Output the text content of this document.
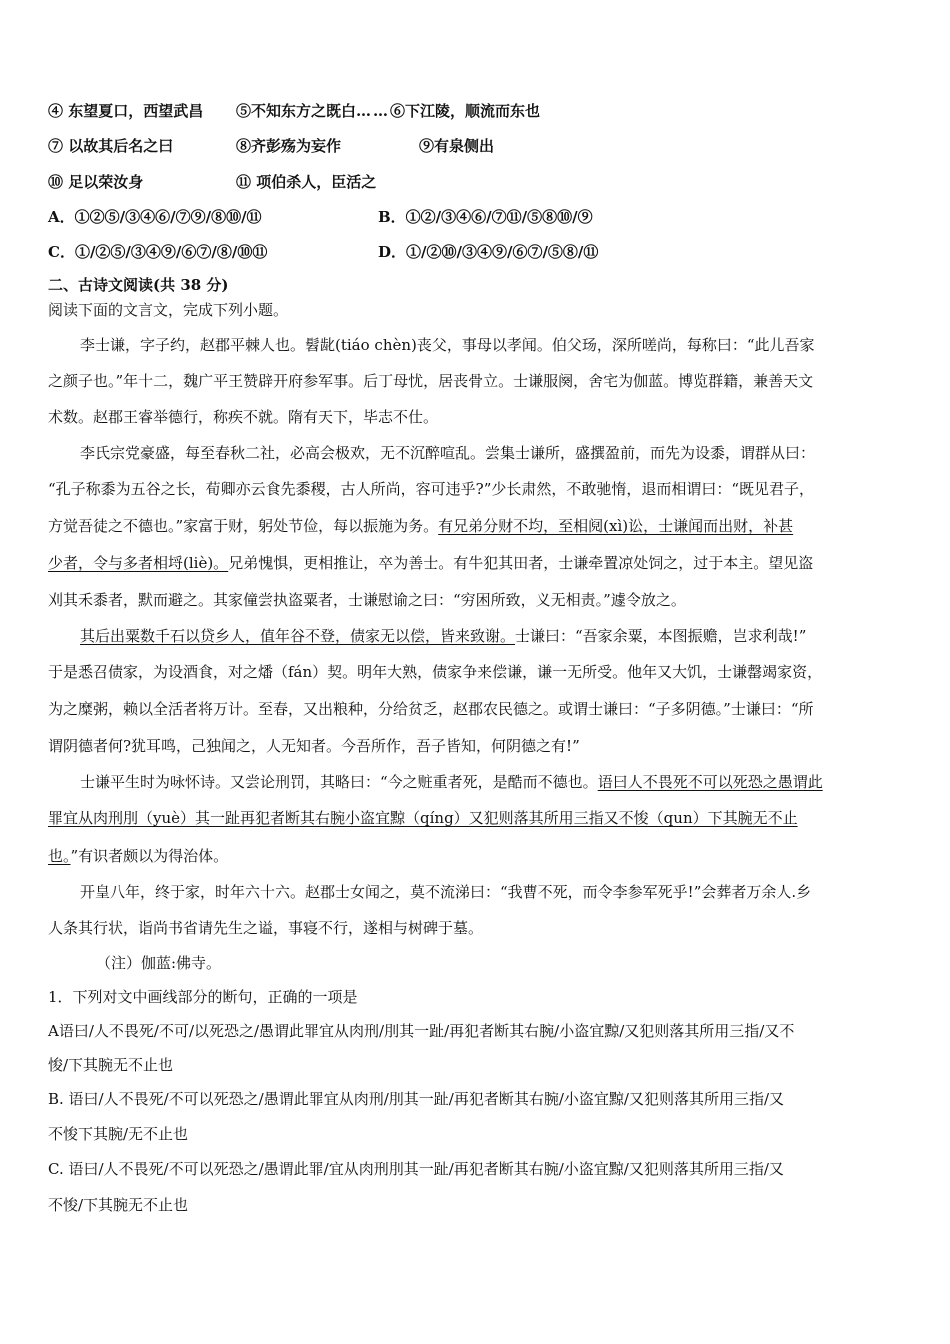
④ 东望夏口，西望武昌 ⑤不知东方之既白……⑥下江陵，顺流而东也
⑦ 以故其后名之曰	⑧齐彭殇为妄作	⑨有泉侧出
⑩ 足以荣汝身	⑪ 项伯杀人，臣活之
A．①②⑤/③④⑥/⑦⑨/⑧⑩/⑪	B．①②/③④⑥/⑦⑪/⑤⑧⑩/⑨
C．①/②⑤/③④⑨/⑥⑦/⑧/⑩⑪	D．①/②⑩/③④⑨/⑥⑦/⑤⑧/⑪
二、古诗文阅读(共 38 分)
阅读下面的文言文，完成下列小题。
李士谦，字子约，赵郡平棘人也。髫龀(tiáo chèn)丧父，事母以孝闻。伯父玚，深所嗟尚，每称曰：“此儿吾家
之颜子也。”年十二，魏广平王赞辟开府参军事。后丁母忧，居丧骨立。士谦服阕，舍宅为伽蓝。博览群籍，兼善天文
术数。赵郡王睿举德行，称疾不就。隋有天下，毕志不仕。
李氏宗党豪盛，每至春秋二社，必高会极欢，无不沉醉喧乱。尝集士谦所，盛撰盈前，而先为设黍，谓群从曰：
“孔子称黍为五谷之长，荀卿亦云食先黍稷，古人所尚，容可违乎?”少长肃然，不敢驰惰，退而相谓曰：“既见君子，
方觉吾徒之不德也。”家富于财，躬处节俭，每以振施为务。有兄弟分财不均，至相阋(xì)讼，士谦闻而出财，补甚
少者，令与多者相埒(liè)。兄弟愧惧，更相推让，卒为善士。有牛犯其田者，士谦牵置凉处饲之，过于本主。望见盗
刈其禾黍者，默而避之。其家僮尝执盗粟者，士谦慰谕之曰：“穷困所致，义无相责。”遽令放之。
其后出粟数千石以贷乡人，值年谷不登，债家无以偿，皆来致谢。士谦曰：“吾家余粟，本图振赡，岂求利哉!”
于是悉召债家，为设酒食，对之燔（fán）契。明年大熟，债家争来偿谦，谦一无所受。他年又大饥，士谦罄竭家资，
为之糜粥，赖以全活者将万计。至春，又出粮种，分给贫乏，赵郡农民德之。或谓士谦曰：“子多阴德。”士谦曰：“所
谓阴德者何?犹耳鸣，己独闻之，人无知者。今吾所作，吾子皆知，何阴德之有!”
士谦平生时为咏怀诗。又尝论刑罚，其略曰：“今之赃重者死，是酷而不德也。语曰人不畏死不可以死恐之愚谓此
罪宜从肉刑刖（yuè）其一趾再犯者断其右腕小盗宜黥（qíng）又犯则落其所用三指又不悛（qun）下其腕无不止
也。”有识者颇以为得治体。
开皇八年，终于家，时年六十六。赵郡士女闻之，莫不流涕曰：“我曹不死，而令李参军死乎!”会葬者万余人.乡
人条其行状，诣尚书省请先生之谥，事寝不行，遂相与树碑于墓。
（注）伽蓝:佛寺。
1．下列对文中画线部分的断句，正确的一项是
A语曰/人不畏死/不可/以死恐之/愚谓此罪宜从肉刑/刖其一趾/再犯者断其右腕/小盗宜黥/又犯则落其所用三指/又不
悛/下其腕无不止也
B. 语曰/人不畏死/不可以死恐之/愚谓此罪宜从肉刑/刖其一趾/再犯者断其右腕/小盗宜黥/又犯则落其所用三指/又
不悛下其腕/无不止也
C. 语曰/人不畏死/不可以死恐之/愚谓此罪/宜从肉刑刖其一趾/再犯者断其右腕/小盗宜黥/又犯则落其所用三指/又
不悛/下其腕无不止也
